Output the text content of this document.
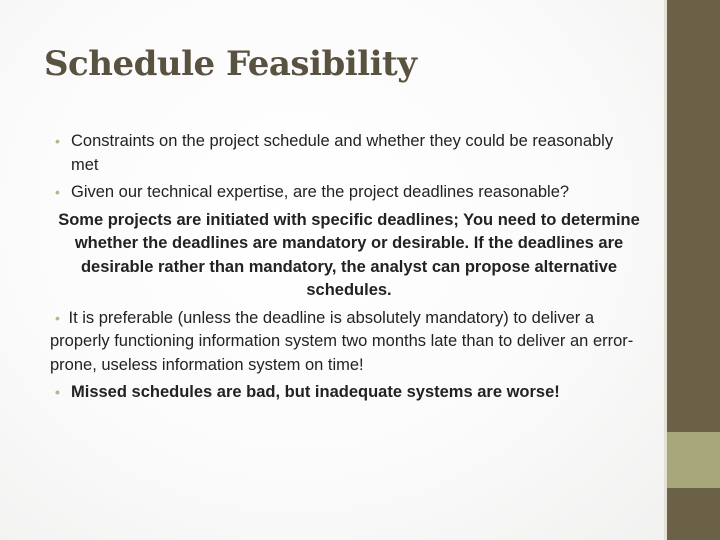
Schedule Feasibility
• Constraints on the project schedule and whether they could be reasonably met
• Given our technical expertise, are the project deadlines reasonable?
Some projects are initiated with specific deadlines; You need to determine whether the deadlines are mandatory or desirable. If the deadlines are desirable rather than mandatory, the analyst can propose alternative schedules.
• It is preferable (unless the deadline is absolutely mandatory) to deliver a properly functioning information system two months late than to deliver an error-prone, useless information system on time!
• Missed schedules are bad, but inadequate systems are worse!
